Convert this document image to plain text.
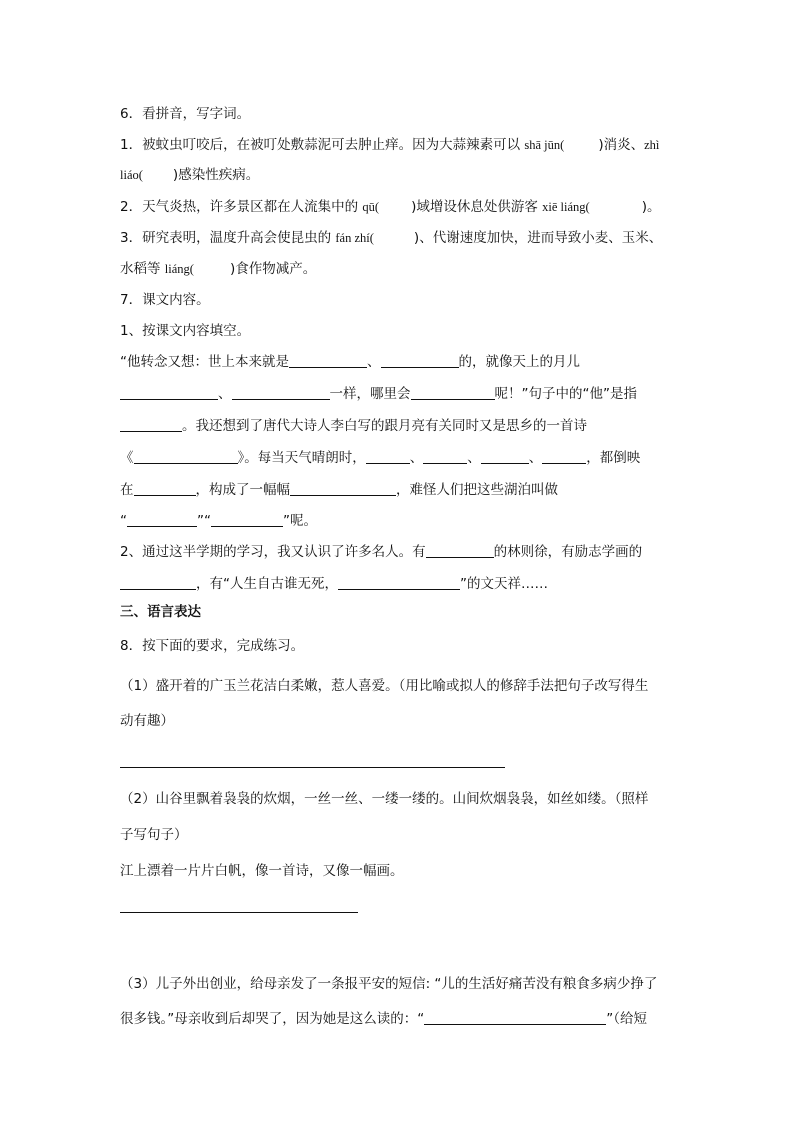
6．看拼音，写字词。
1．被蚊虫叮咬后，在被叮处敷蒜泥可去肿止痒。因为大蒜辣素可以 shā jūn(	)消炎、zhì
liáo( )感染性疾病。
2．天气炎热，许多景区都在人流集中的 qū( )域增设休息处供游客 xiē liáng(	)。
3．研究表明，温度升高会使昆虫的 fán zhí(	)、代谢速度加快，进而导致小麦、玉米、
水稻等 liáng(	)食作物减产。
7．课文内容。
1、按课文内容填空。
“他转念又想：世上本来就是	、	的，就像天上的月儿
、	一样，哪里会	呢！”句子中的“他”是指
。我还想到了唐代大诗人李白写的跟月亮有关同时又是思乡的一首诗
《	》。每当天气晴朗时，	、	、	、	，都倒映
在	，构成了一幅幅	，难怪人们把这些湖泊叫做
“	”“	”呢。
2、通过这半学期的学习，我又认识了许多名人。有	的林则徐，有励志学画的
，有“人生自古谁无死，	”的文天祥……
三、语言表达
8．按下面的要求，完成练习。
（1）盛开着的广玉兰花洁白柔嫩，惹人喜爱。（用比喻或拟人的修辞手法把句子改写得生
动有趣）
（2）山谷里飘着袅袅的炊烟，一丝一丝、一缕一缕的。山间炊烟袅袅，如丝如缕。（照样
子写句子）
江上漂着一片片白帆，像一首诗，又像一幅画。
（3）儿子外出创业，给母亲发了一条报平安的短信: “儿的生活好痛苦没有粮食多病少挣了
很多钱。”母亲收到后却哭了，因为她是这么读的：“	”（给短
